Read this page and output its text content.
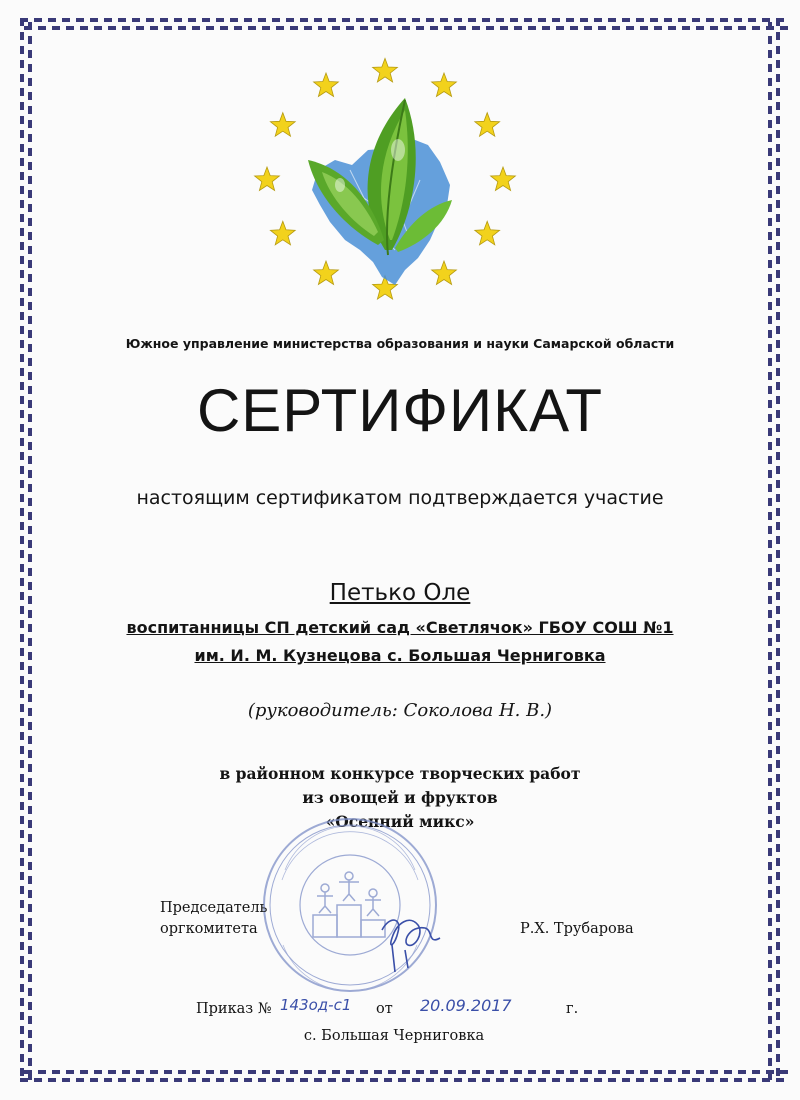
Южное управление министерства образования и науки Самарской области
СЕРТИФИКАТ
настоящим сертификатом подтверждается участие
Петько Оле
воспитанницы СП детский сад «Светлячок» ГБОУ СОШ №1
им. И. М. Кузнецова с. Большая Черниговка
(руководитель: Соколова Н. В.)
в районном конкурсе творческих работ
из овощей и фруктов
«Осенний микс»
Председатель
оргкомитета	Р.Х. Трубарова
Приказ № 143од-с1 от 20.09.2017	г.
с. Большая Черниговка
